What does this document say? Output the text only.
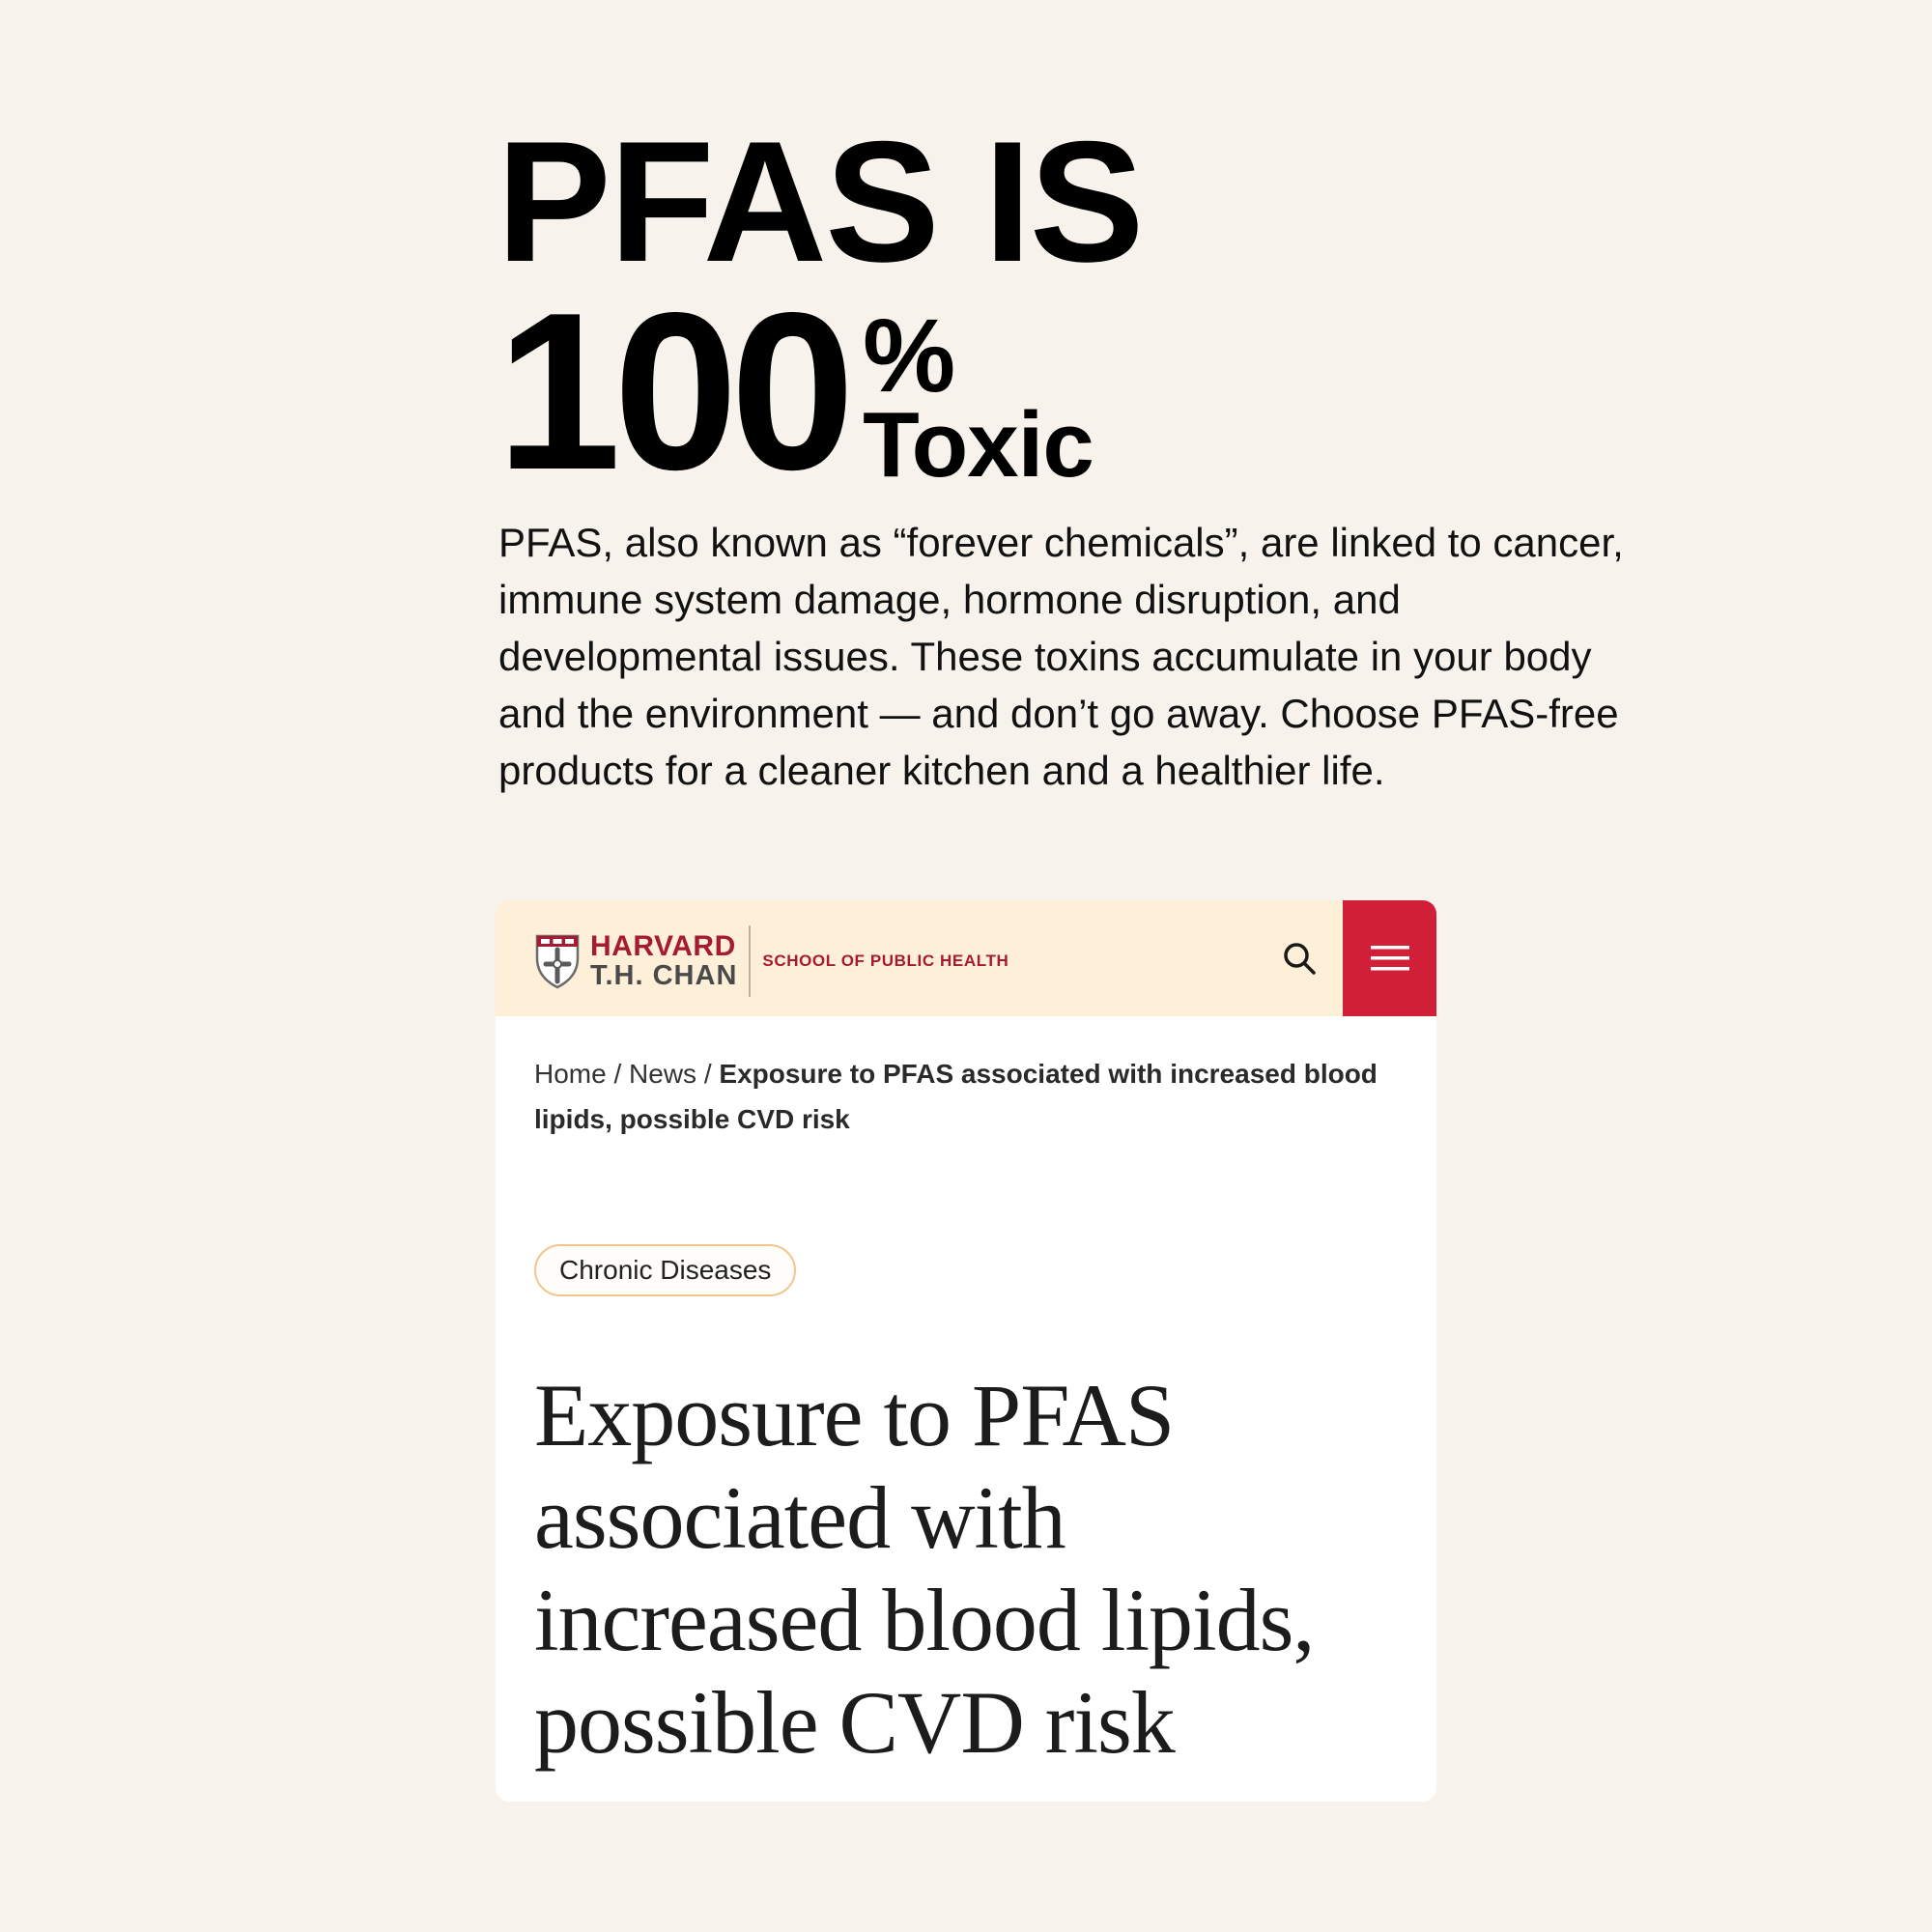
PFAS IS
100 %
Toxic

PFAS, also known as “forever chemicals”, are linked to cancer, immune system damage, hormone disruption, and developmental issues. These toxins accumulate in your body and the environment — and don’t go away. Choose PFAS-free products for a cleaner kitchen and a healthier life.

HARVARD
T.H. CHAN SCHOOL OF PUBLIC HEALTH
Home / News / Exposure to PFAS associated with increased blood lipids, possible CVD risk
Chronic Diseases
Exposure to PFAS associated with increased blood lipids, possible CVD risk
